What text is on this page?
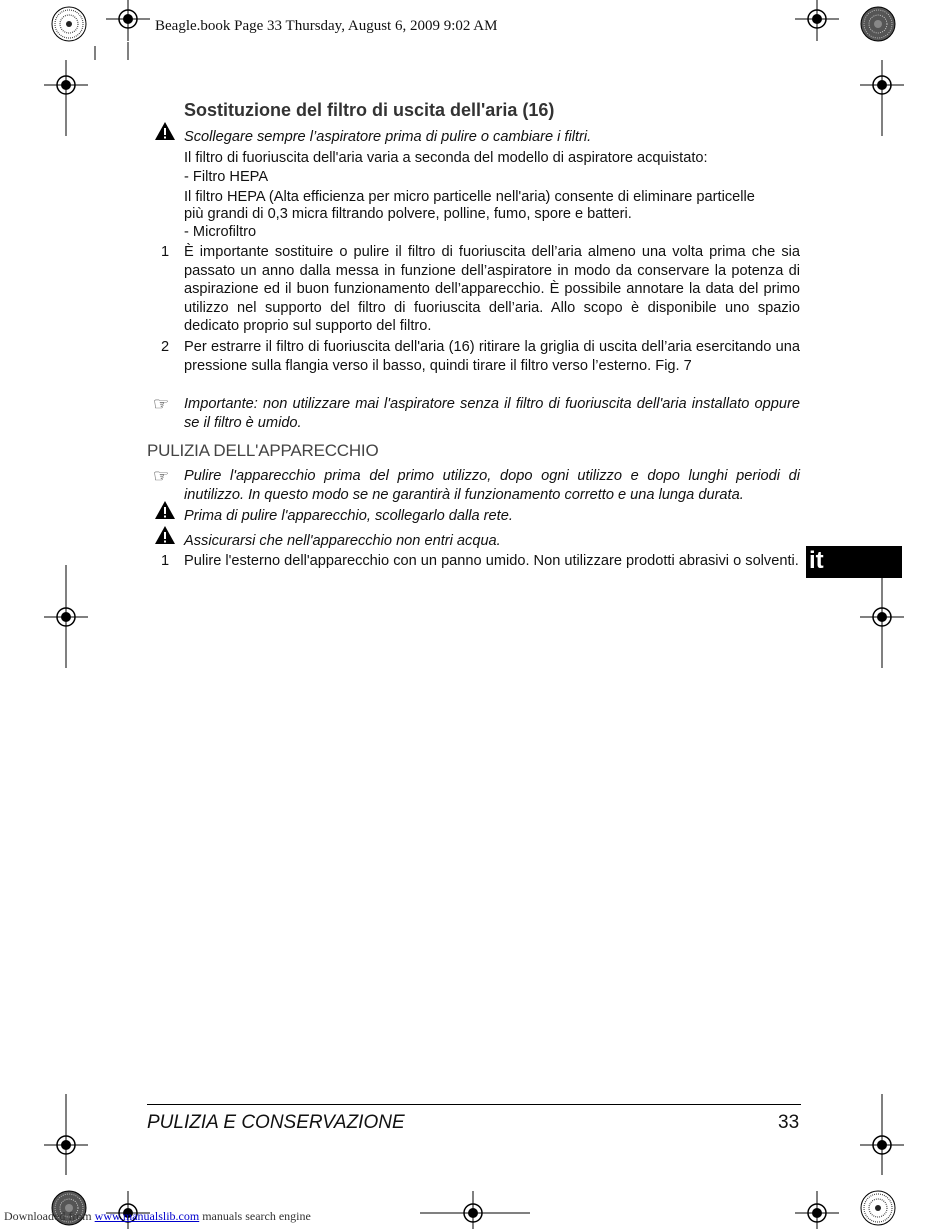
Beagle.book Page 33 Thursday, August 6, 2009 9:02 AM
Sostituzione del filtro di uscita dell'aria (16)
Scollegare sempre l’aspiratore prima di pulire o cambiare i filtri.
Il filtro di fuoriuscita dell'aria varia a seconda del modello di aspiratore acquistato:
- Filtro HEPA
Il filtro HEPA (Alta efficienza per micro particelle nell'aria) consente di eliminare particelle
più grandi di 0,3 micra filtrando polvere, polline, fumo, spore e batteri.
- Microfiltro
1 È importante sostituire o pulire il filtro di fuoriuscita dell’aria almeno una volta prima che sia passato un anno dalla messa in funzione dell’aspiratore in modo da conservare la potenza di aspirazione ed il buon funzionamento dell’apparecchio. È possibile annotare la data del primo utilizzo nel supporto del filtro di fuoriuscita dell’aria. Allo scopo è disponibile uno spazio dedicato proprio sul supporto del filtro.
2 Per estrarre il filtro di fuoriuscita dell'aria (16) ritirare la griglia di uscita dell’aria esercitando una pressione sulla flangia verso il basso, quindi tirare il filtro verso l’esterno. Fig. 7
☞ Importante: non utilizzare mai l'aspiratore senza il filtro di fuoriuscita dell'aria installato oppure se il filtro è umido.
PULIZIA DELL'APPARECCHIO
☞ Pulire l'apparecchio prima del primo utilizzo, dopo ogni utilizzo e dopo lunghi periodi di inutilizzo. In questo modo se ne garantirà il funzionamento corretto e una lunga durata.
Prima di pulire l'apparecchio, scollegarlo dalla rete.
Assicurarsi che nell'apparecchio non entri acqua.
1 Pulire l'esterno dell'apparecchio con un panno umido. Non utilizzare prodotti abrasivi o solventi. it
PULIZIA E CONSERVAZIONE	33
Downloaded from www.manualslib.com manuals search engine
